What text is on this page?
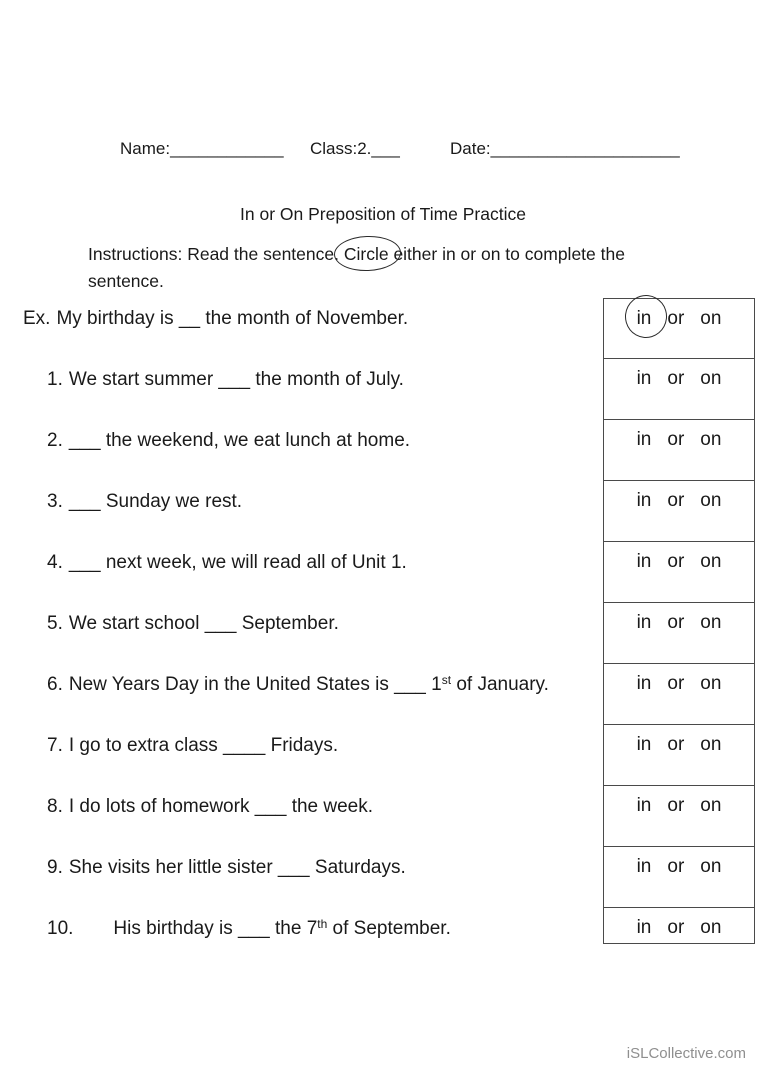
Name:____________ Class:2.___	Date:____________________
In or On Preposition of Time Practice
Instructions: Read the sentence.
Circle either in or on to complete the
sentence.
Ex. My birthday is __ the month of November.	in or on
1. We start summer ___ the month of July.	in or on
2. ___ the weekend, we eat lunch at home.	in or on
3. ___ Sunday we rest.	in or on
4. ___ next week, we will read all of Unit 1.	in or on
5. We start school ___ September.	in or on
6. New Years Day in the United States is ___ 1st of January.	in or on
7. I go to extra class ____ Fridays.	in or on
8. I do lots of homework ___ the week.	in or on
9. She visits her little sister ___ Saturdays.	in or on
10. His birthday is ___ the 7th of September.	in or on
iSLCollective.com
